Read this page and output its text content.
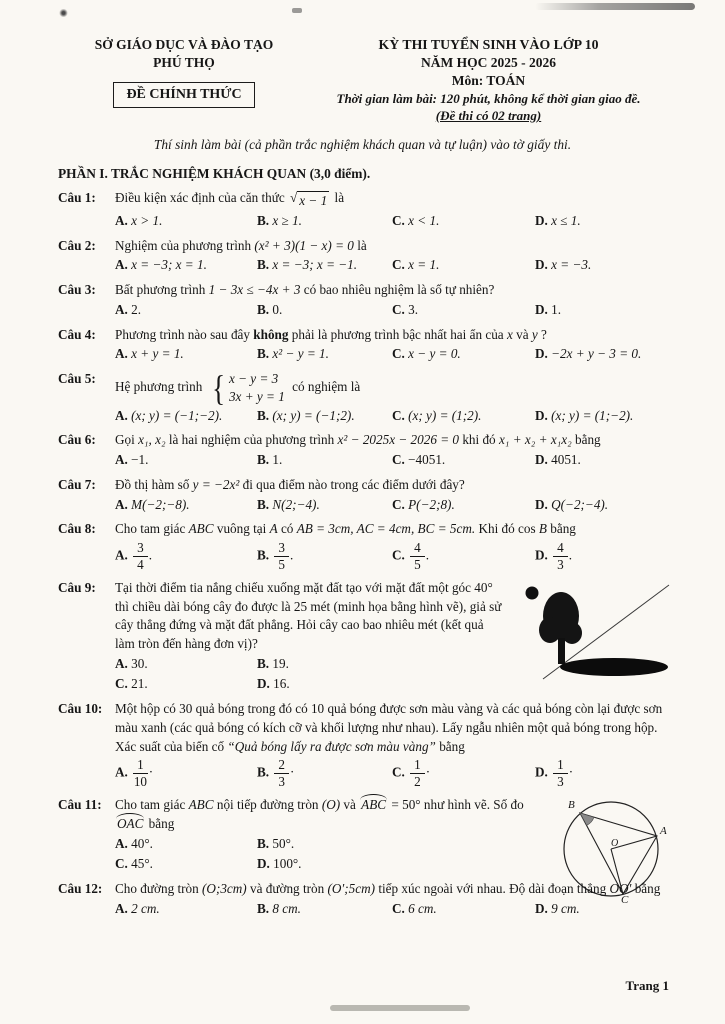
SỞ GIÁO DỤC VÀ ĐÀO TẠO
PHÚ THỌ
ĐỀ CHÍNH THỨC
KỲ THI TUYỂN SINH VÀO LỚP 10
NĂM HỌC 2025 - 2026
Môn: TOÁN
Thời gian làm bài: 120 phút, không kể thời gian giao đề.
(Đề thi có 02 trang)
Thí sinh làm bài (cả phần trắc nghiệm khách quan và tự luận) vào tờ giấy thi.
PHẦN I. TRẮC NGHIỆM KHÁCH QUAN (3,0 điểm).
Câu 1:	Điều kiện xác định của căn thức √ x − 1 là
A. x > 1.	B. x ≥ 1.	C. x < 1.	D. x ≤ 1.
Câu 2:	Nghiệm của phương trình (x² + 3)(1 − x) = 0 là
A. x = −3; x = 1.	B. x = −3; x = −1.	C. x = 1.	D. x = −3.
Câu 3:	Bất phương trình 1 − 3x ≤ −4x + 3 có bao nhiêu nghiệm là số tự nhiên?
A. 2.	B. 0.	C. 3.	D. 1.
Câu 4:	Phương trình nào sau đây không phải là phương trình bậc nhất hai ẩn của x và y ?
A. x + y = 1.	B. x² − y = 1.	C. x − y = 0.	D. −2x + y − 3 = 0.
Câu 5:
Hệ phương trình { x − y = 3
3x + y = 1
có nghiệm là
A. (x; y) = (−1;−2).	B. (x; y) = (−1;2).	C. (x; y) = (1;2).	D. (x; y) = (1;−2).
Câu 6:	Gọi x₁, x₂ là hai nghiệm của phương trình x² − 2025x − 2026 = 0 khi đó x₁ + x₂ + x₁x₂ bằng
A. −1.	B. 1.	C. −4051.	D. 4051.
Câu 7:	Đồ thị hàm số y = −2x² đi qua điểm nào trong các điểm dưới đây?
A. M(−2;−8).	B. N(2;−4).	C. P(−2;8).	D. Q(−2;−4).
Câu 8:	Cho tam giác ABC vuông tại A có AB = 3cm, AC = 4cm, BC = 5cm. Khi đó cos B bằng
A. $\frac{3}{4}$ .	B. $\frac{3}{5}$ .	C. $\frac{4}{5}$ .	D. $\frac{4}{3}$ .
Câu 9:	Tại thời điểm tia nắng chiếu xuống mặt đất tạo với mặt đất một góc 40° thì chiều dài bóng cây đo được là 25 mét (minh họa bằng hình vẽ), giả sử cây thẳng đứng và mặt đất phẳng. Hỏi cây cao bao nhiêu mét (kết quả làm tròn đến hàng đơn vị)?
A. 30.	B. 19.
C. 21.	D. 16.
Câu 10: Một hộp có 30 quả bóng trong đó có 10 quả bóng được sơn màu vàng và các quả bóng còn lại được sơn màu xanh (các quả bóng có kích cỡ và khối lượng như nhau). Lấy ngẫu nhiên một quả bóng trong hộp. Xác suất của biến cố “Quả bóng lấy ra được sơn màu vàng” bằng
A. $\frac{1}{10}$ ·	B. $\frac{2}{3}$ ·	C. $\frac{1}{2}$ ·	D. $\frac{1}{3}$ ·
Câu 11:	Cho tam giác ABC nội tiếp đường tròn (O) và ABC = 50° như hình vẽ. Số đo OAC bằng
A. 40°.	B. 50°.
C. 45°.	D. 100°.
B
A
O
C
Câu 12: Cho đường tròn (O;3cm) và đường tròn (O′;5cm) tiếp xúc ngoài với nhau. Độ dài đoạn thẳng OO′ bằng
A. 2 cm.	B. 8 cm.	C. 6 cm.	D. 9 cm.
Trang 1
